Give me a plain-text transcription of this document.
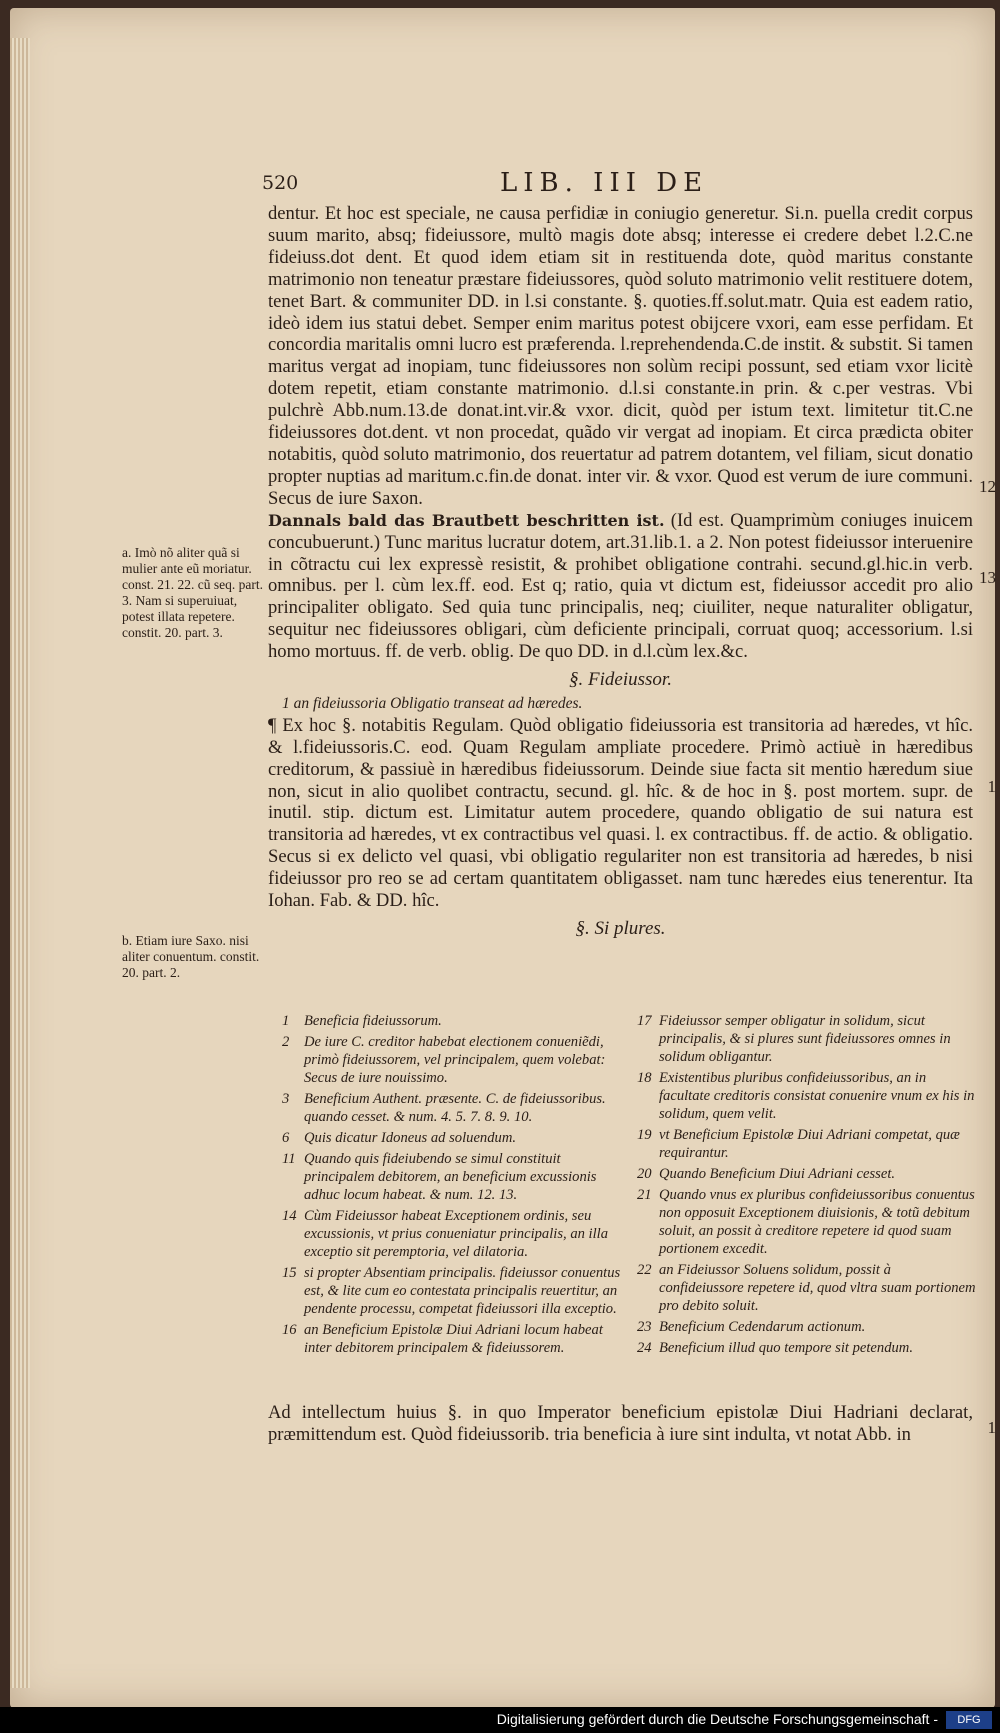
520	LIB. III DE

dentur. Et hoc est speciale, ne causa perfidiæ in coniugio generetur. Si.n. puella credit corpus suum marito, absq; fideiussore, multò magis dote absq; interesse ei credere debet l.2.C.ne fideiuss.dot dent. Et quod idem etiam sit in restituenda dote, quòd maritus constante matrimonio non teneatur præstare fideiussores, quòd soluto matrimonio velit restituere dotem, tenet Bart. & communiter DD. in l.si constante. §. quoties.ff.solut.matr. Quia est eadem ratio, ideò idem ius statui debet. Semper enim maritus potest obijcere vxori, eam esse perfidam. Et concordia maritalis omni lucro est præferenda. l.reprehendenda.C.de instit. & substit. Si tamen maritus vergat ad inopiam, tunc fideiussores non solùm recipi possunt, sed etiam vxor licitè dotem repetit, etiam constante matrimonio. d.l.si constante.in prin. & c.per vestras. Vbi pulchrè Abb.num.13.de donat.int.vir.& vxor. dicit, quòd per istum text. limitetur tit.C.ne fideiussores dot.dent. vt non procedat, quãdo vir vergat ad inopiam. Et circa prædicta obiter notabitis, quòd soluto matrimonio, dos reuertatur ad patrem dotantem, vel filiam, sicut donatio propter nuptias ad maritum.c.fin.de donat. inter vir. & vxor. Quod est verum de iure communi. Secus de iure Saxon.

Dannals bald das Brautbett beschritten ist. (Id est. Quamprimùm coniuges inuicem concubuerunt.) Tunc maritus lucratur dotem, art.31.lib.1. a 2. Non potest fideiussor interuenire in cõtractu cui lex expressè resistit, & prohibet obligatione contrahi. secund.gl.hic.in verb. omnibus. per l. cùm lex.ff. eod. Est q; ratio, quia vt dictum est, fideiussor accedit pro alio principaliter obligato. Sed quia tunc principalis, neq; ciuiliter, neque naturaliter obligatur, sequitur nec fideiussores obligari, cùm deficiente principali, corruat quoq; accessorium. l.si homo mortuus. ff. de verb. oblig. De quo DD. in d.l.cùm lex.&c.

§. Fideiussor.
1 an fideiussoria Obligatio transeat ad hæredes.

¶ Ex hoc §. notabitis Regulam. Quòd obligatio fideiussoria est transitoria ad hæredes, vt hîc. & l.fideiussoris.C. eod. Quam Regulam ampliate procedere. Primò actiuè in hæredibus creditorum, & passiuè in hæredibus fideiussorum. Deinde siue facta sit mentio hæredum siue non, sicut in alio quolibet contractu, secund. gl. hîc. & de hoc in §. post mortem. supr. de inutil. stip. dictum est. Limitatur autem procedere, quando obligatio de sui natura est transitoria ad hæredes, vt ex contractibus vel quasi. l. ex contractibus. ff. de actio. & obligatio. Secus si ex delicto vel quasi, vbi obligatio regulariter non est transitoria ad hæredes, b nisi fideiussor pro reo se ad certam quantitatem obligasset. nam tunc hæredes eius tenerentur. Ita Iohan. Fab. & DD. hîc.

§. Si plures.
a. Imò nõ aliter quã si mulier ante eũ moriatur. const. 21. 22. cũ seq. part. 3. Nam si superuiuat, potest illata repetere. constit. 20. part. 3.
b. Etiam iure Saxo. nisi aliter conuentum. constit. 20. part. 2.
12
13
1
1
1	Beneficia fideiussorum.
2	De iure C. creditor habebat electionem conueniẽdi, primò fideiussorem, vel principalem, quem volebat: Secus de iure nouissimo.
3	Beneficium Authent. præsente. C. de fideiussoribus. quando cesset. & num. 4. 5. 7. 8. 9. 10.
6	Quis dicatur Idoneus ad soluendum.
11 Quando quis fideiubendo se simul constituit principalem debitorem, an beneficium excussionis adhuc locum habeat. & num. 12. 13.
14 Cùm Fideiussor habeat Exceptionem ordinis, seu excussionis, vt prius conueniatur principalis, an illa exceptio sit peremptoria, vel dilatoria.
15 si propter Absentiam principalis. fideiussor conuentus est, & lite cum eo contestata principalis reuertitur, an pendente processu, competat fideiussori illa exceptio.
16 an Beneficium Epistolæ Diui Adriani locum habeat inter debitorem principalem & fideiussorem.
17 Fideiussor semper obligatur in solidum, sicut principalis, & si plures sunt fideiussores omnes in solidum obligantur.
18 Existentibus pluribus confideiussoribus, an in facultate creditoris consistat conuenire vnum ex his in solidum, quem velit.
19 vt Beneficium Epistolæ Diui Adriani competat, quæ requirantur.
20 Quando Beneficium Diui Adriani cesset.
21 Quando vnus ex pluribus confideiussoribus conuentus non opposuit Exceptionem diuisionis, & totũ debitum soluit, an possit à creditore repetere id quod suam portionem excedit.
22 an Fideiussor Soluens solidum, possit à confideiussore repetere id, quod vltra suam portionem pro debito soluit.
23 Beneficium Cedendarum actionum.
24 Beneficium illud quo tempore sit petendum.

Ad intellectum huius §. in quo Imperator beneficium epistolæ Diui Hadriani declarat, præmittendum est. Quòd fideiussorib. tria beneficia à iure sint indulta, vt notat Abb. in

Digitalisierung gefördert durch die Deutsche Forschungsgemeinschaft -	DFG
